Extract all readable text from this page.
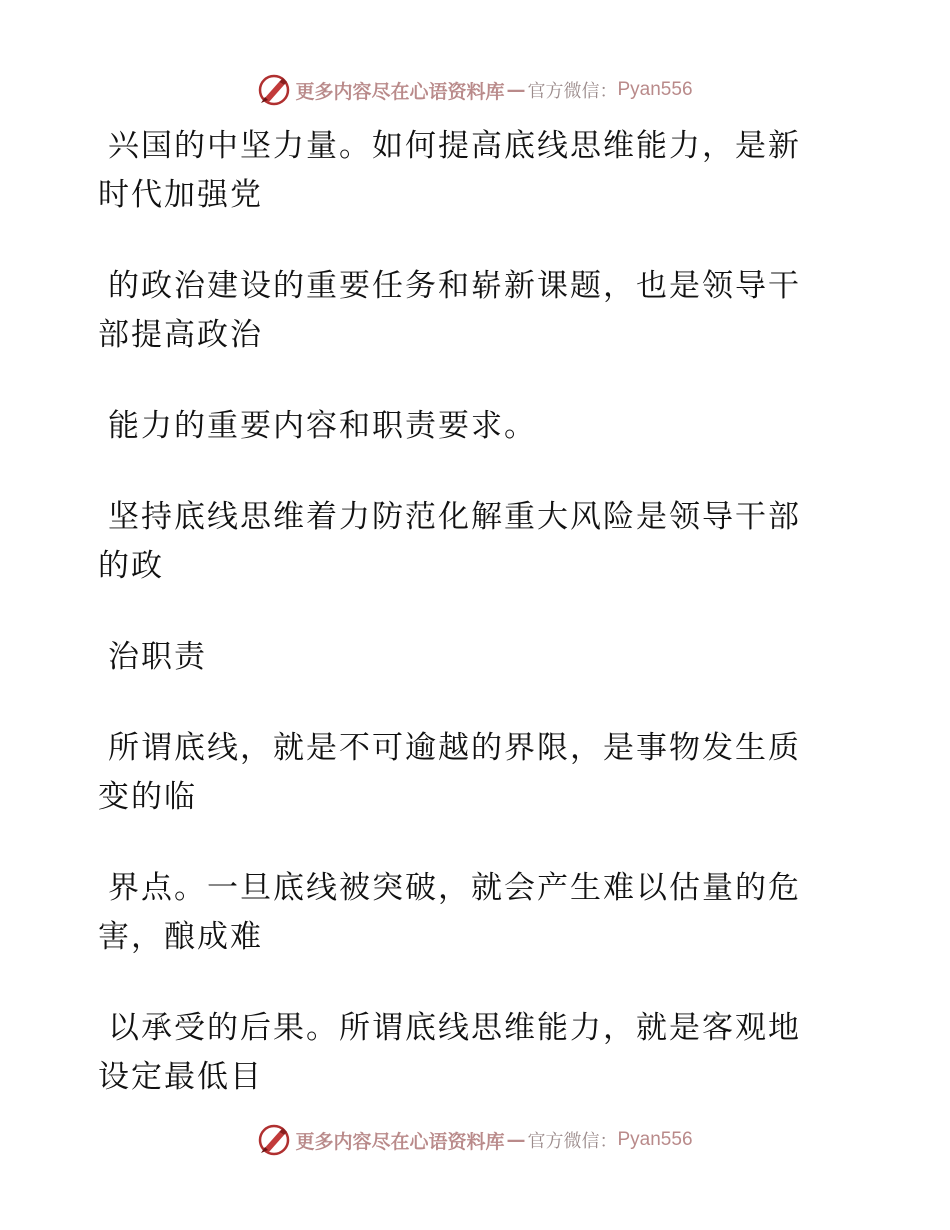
更多内容尽在心语资料库 — 官方微信： Pyan556

兴国的中坚力量。如何提高底线思维能力，是新
时代加强党

的政治建设的重要任务和崭新课题，也是领导干
部提高政治

能力的重要内容和职责要求。

坚持底线思维着力防范化解重大风险是领导干部
的政

治职责

所谓底线，就是不可逾越的界限，是事物发生质
变的临

界点。一旦底线被突破，就会产生难以估量的危
害，酿成难

以承受的后果。所谓底线思维能力，就是客观地
设定最低目

更多内容尽在心语资料库 — 官方微信： Pyan556
